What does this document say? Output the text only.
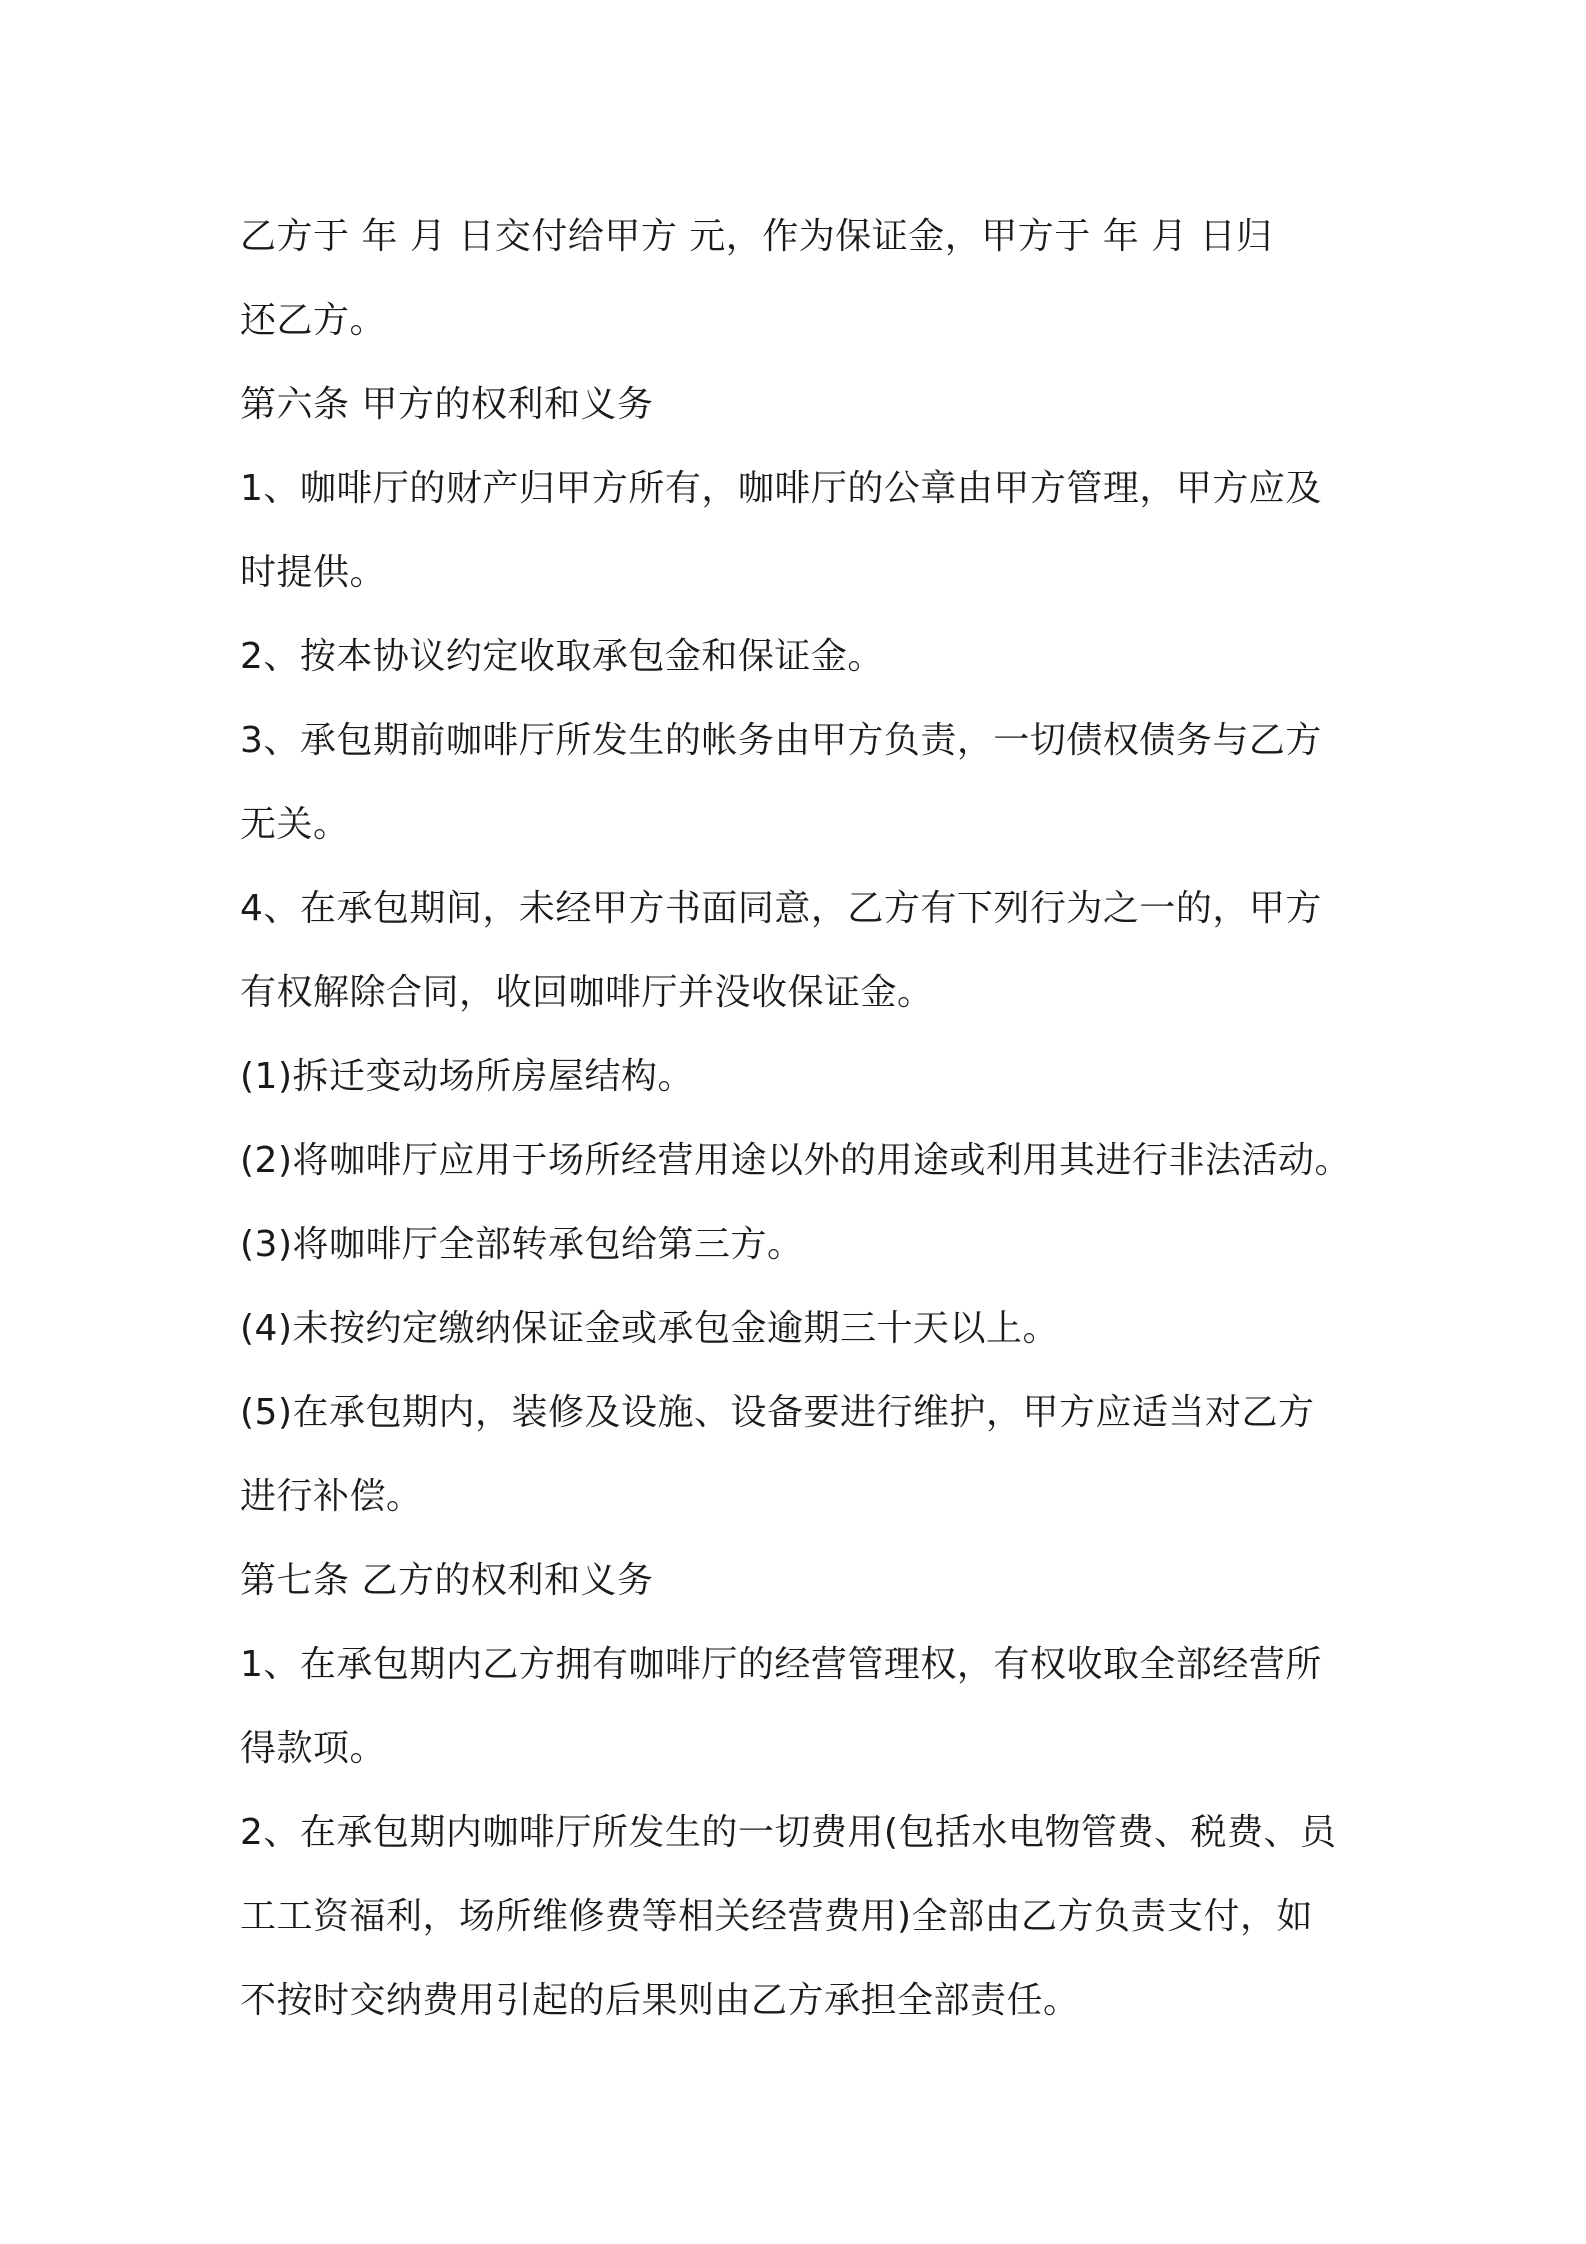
乙方于 年 月 日交付给甲方 元，作为保证金，甲方于 年 月 日归
还乙方。
第六条 甲方的权利和义务
1、咖啡厅的财产归甲方所有，咖啡厅的公章由甲方管理，甲方应及
时提供。
2、按本协议约定收取承包金和保证金。
3、承包期前咖啡厅所发生的帐务由甲方负责，一切债权债务与乙方
无关。
4、在承包期间，未经甲方书面同意，乙方有下列行为之一的，甲方
有权解除合同，收回咖啡厅并没收保证金。
(1)拆迁变动场所房屋结构。
(2)将咖啡厅应用于场所经营用途以外的用途或利用其进行非法活动。
(3)将咖啡厅全部转承包给第三方。
(4)未按约定缴纳保证金或承包金逾期三十天以上。
(5)在承包期内，装修及设施、设备要进行维护，甲方应适当对乙方
进行补偿。
第七条 乙方的权利和义务
1、在承包期内乙方拥有咖啡厅的经营管理权，有权收取全部经营所
得款项。
2、在承包期内咖啡厅所发生的一切费用(包括水电物管费、税费、员
工工资福利，场所维修费等相关经营费用)全部由乙方负责支付，如
不按时交纳费用引起的后果则由乙方承担全部责任。
